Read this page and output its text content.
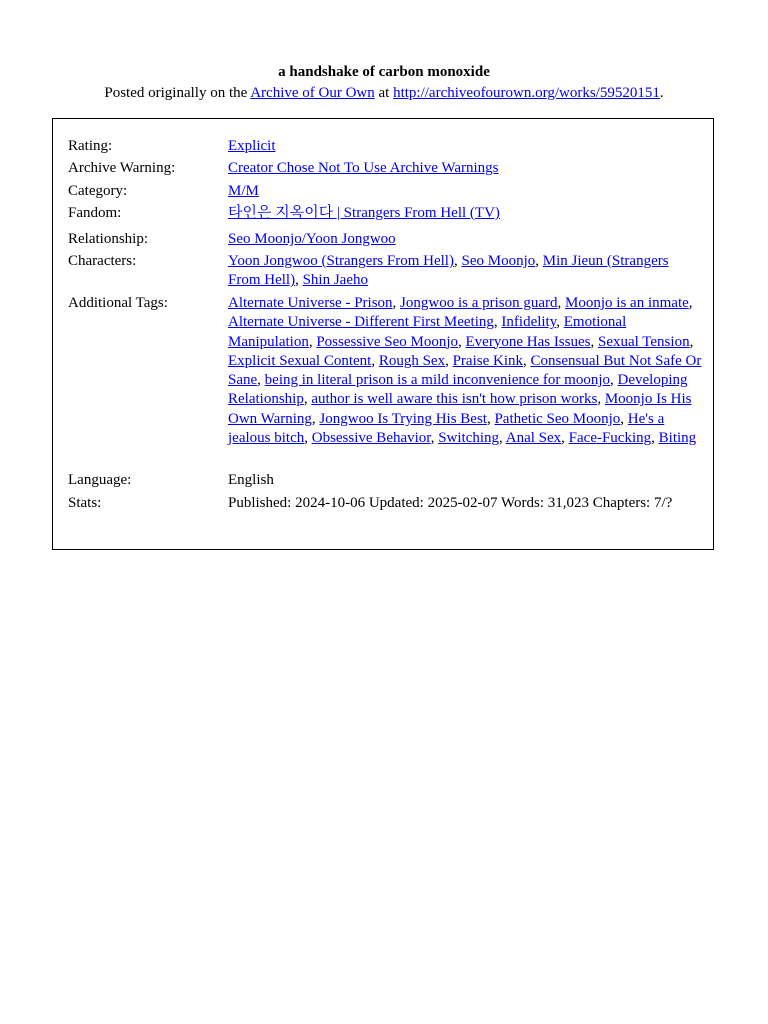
a handshake of carbon monoxide
Posted originally on the Archive of Our Own at http://archiveofourown.org/works/59520151.
Rating:	Explicit
Archive Warning:	Creator Chose Not To Use Archive Warnings
Category:	M/M
Fandom:	타인은 지옥이다 | Strangers From Hell (TV)
Relationship:	Seo Moonjo/Yoon Jongwoo
Characters:	Yoon Jongwoo (Strangers From Hell), Seo Moonjo, Min Jieun (Strangers From Hell), Shin Jaeho
Additional Tags:	Alternate Universe - Prison, Jongwoo is a prison guard, Moonjo is an inmate, Alternate Universe - Different First Meeting, Infidelity, Emotional Manipulation, Possessive Seo Moonjo, Everyone Has Issues, Sexual Tension, Explicit Sexual Content, Rough Sex, Praise Kink, Consensual But Not Safe Or Sane, being in literal prison is a mild inconvenience for moonjo, Developing Relationship, author is well aware this isn't how prison works, Moonjo Is His Own Warning, Jongwoo Is Trying His Best, Pathetic Seo Moonjo, He's a jealous bitch, Obsessive Behavior, Switching, Anal Sex, Face-Fucking, Biting
Language:	English
Stats:	Published: 2024-10-06 Updated: 2025-02-07 Words: 31,023 Chapters: 7/?
